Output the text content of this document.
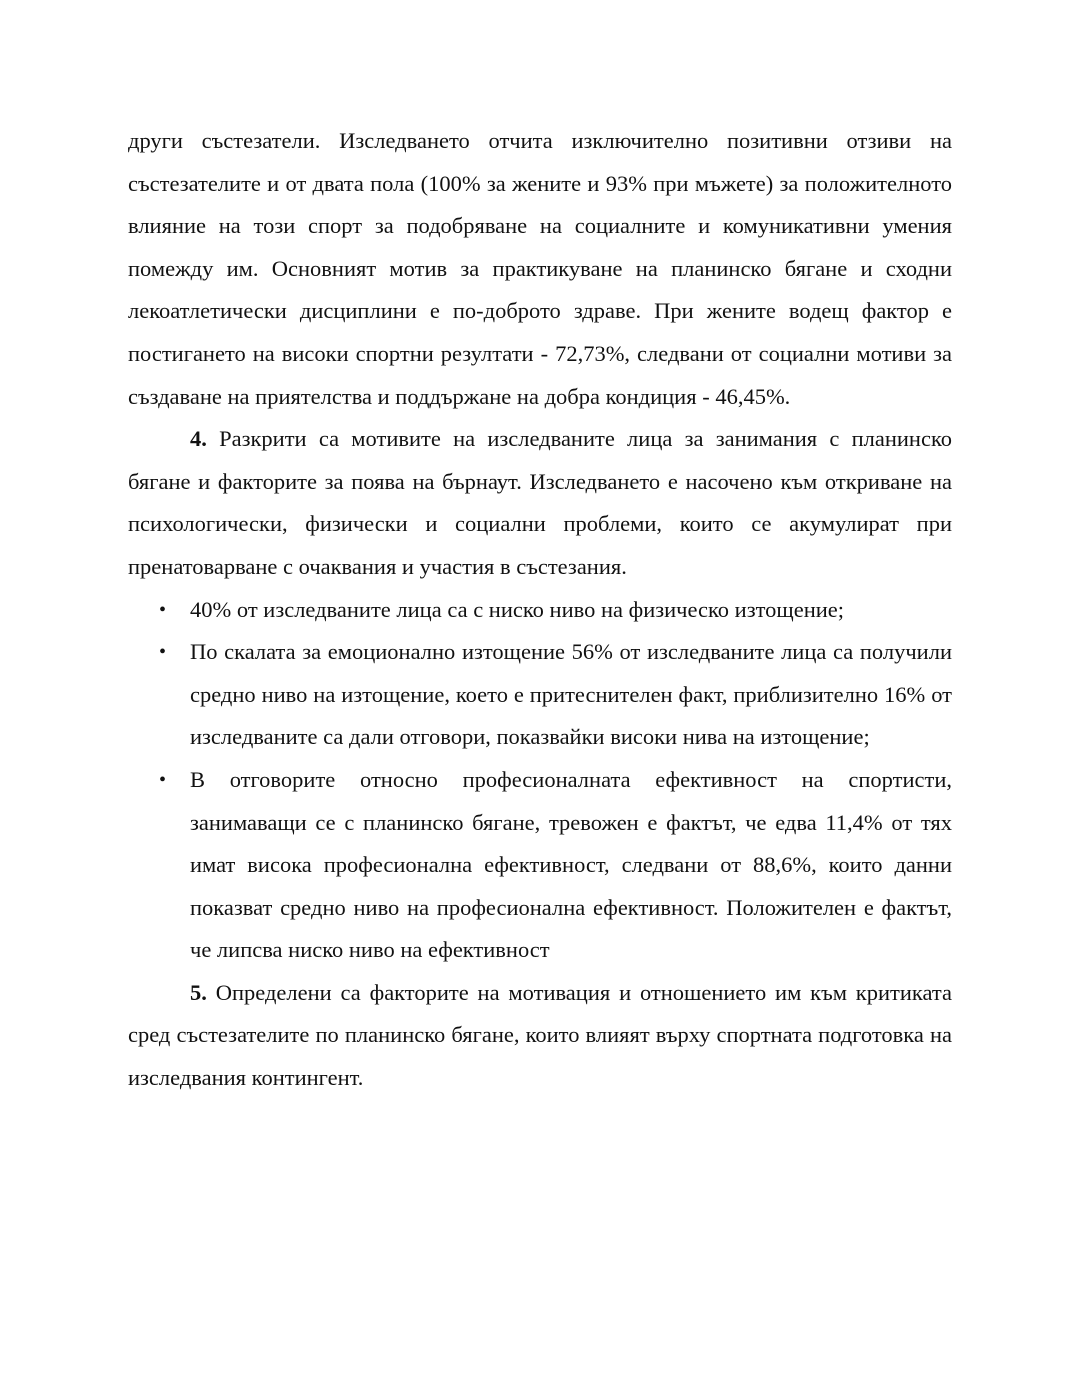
други състезатели. Изследването отчита изключително позитивни отзиви на състезателите и от двата пола (100% за жените и 93% при мъжете) за положителното влияние на този спорт за подобряване на социалните и комуникативни умения помежду им. Основният мотив за практикуване на планинско бягане и сходни лекоатлетически дисциплини е по-доброто здраве. При жените водещ фактор е постигането на високи спортни резултати - 72,73%, следвани от социални мотиви за създаване на приятелства и поддържане на добра кондиция - 46,45%.

4. Разкрити са мотивите на изследваните лица за занимания с планинско бягане и факторите за поява на бърнаут. Изследването е насочено към откриване на психологически, физически и социални проблеми, които се акумулират при пренатоварване с очаквания и участия в състезания.

• 40% от изследваните лица са с ниско ниво на физическо изтощение;
• По скалата за емоционално изтощение 56% от изследваните лица са получили средно ниво на изтощение, което е притеснителен факт, приблизително 16% от изследваните са дали отговори, показвайки високи нива на изтощение;
• В отговорите относно професионалната ефективност на спортисти, занимаващи се с планинско бягане, тревожен е фактът, че едва 11,4% от тях имат висока професионална ефективност, следвани от 88,6%, които данни показват средно ниво на професионална ефективност. Положителен е фактът, че липсва ниско ниво на ефективност

5. Определени са факторите на мотивация и отношението им към критиката сред състезателите по планинско бягане, които влияят върху спортната подготовка на изследвания контингент.
